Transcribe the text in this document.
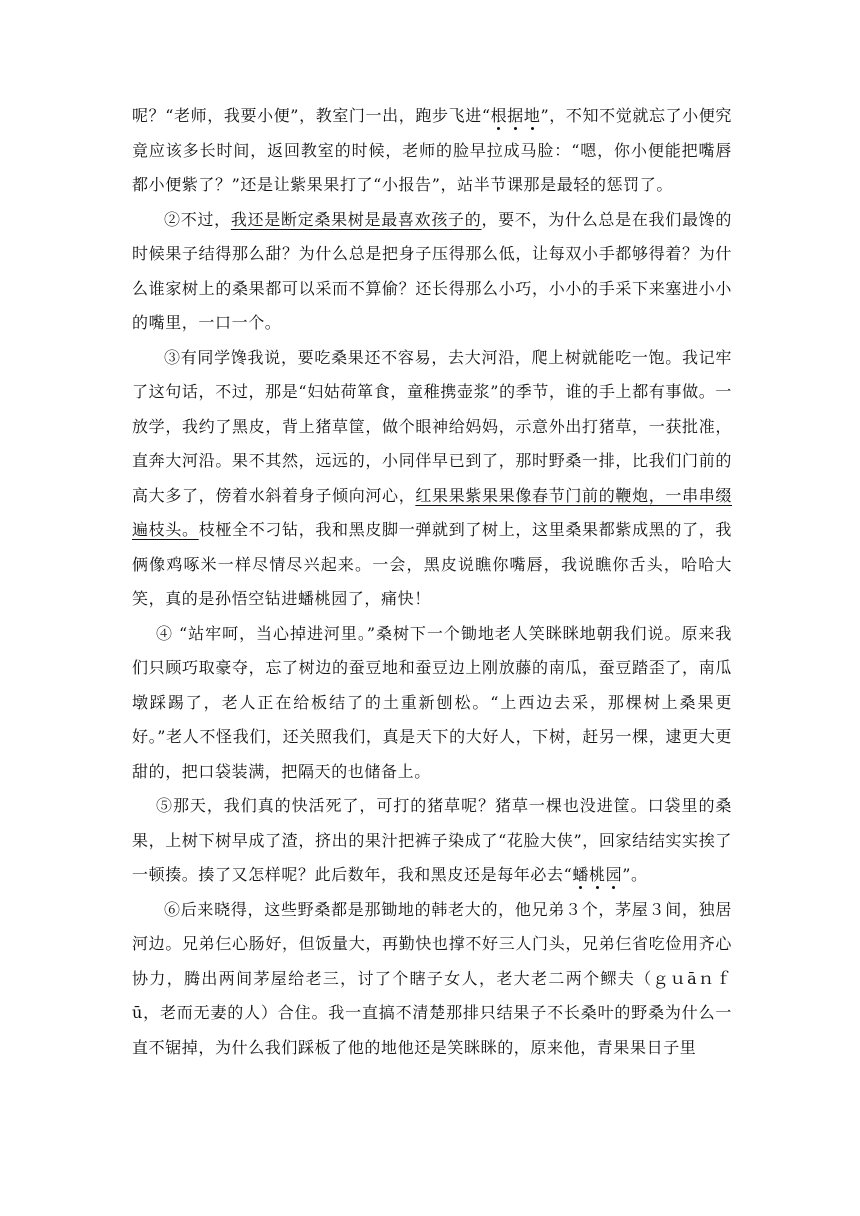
呢？“老师，我要小便”，教室门一出，跑步飞进“根据地”，不知不觉就忘了小便究竟应该多长时间，返回教室的时候，老师的脸早拉成马脸：“嗯，你小便能把嘴唇都小便紫了？”还是让紫果果打了“小报告”，站半节课那是最轻的惩罚了。

②不过，我还是断定桑果树是最喜欢孩子的，要不，为什么总是在我们最馋的时候果子结得那么甜？为什么总是把身子压得那么低，让每双小手都够得着？为什么谁家树上的桑果都可以采而不算偷？还长得那么小巧，小小的手采下来塞进小小的嘴里，一口一个。

③有同学馋我说，要吃桑果还不容易，去大河沿，爬上树就能吃一饱。我记牢了这句话，不过，那是“妇姑荷箪食，童稚携壶浆”的季节，谁的手上都有事做。一放学，我约了黑皮，背上猪草筐，做个眼神给妈妈，示意外出打猪草，一获批准，直奔大河沿。果不其然，远远的，小同伴早已到了，那时野桑一排，比我们门前的高大多了，傍着水斜着身子倾向河心，红果果紫果果像春节门前的鞭炮，一串串缀遍枝头。枝桠全不刁钻，我和黑皮脚一弹就到了树上，这里桑果都紫成黑的了，我俩像鸡啄米一样尽情尽兴起来。一会，黑皮说瞧你嘴唇，我说瞧你舌头，哈哈大笑，真的是孙悟空钻进蟠桃园了，痛快！

④ “站牢呵，当心掉进河里。”桑树下一个锄地老人笑眯眯地朝我们说。原来我们只顾巧取豪夺，忘了树边的蚕豆地和蚕豆边上刚放藤的南瓜，蚕豆踏歪了，南瓜墩踩踢了，老人正在给板结了的土重新刨松。“上西边去采，那棵树上桑果更好。”老人不怪我们，还关照我们，真是天下的大好人，下树，赶另一棵，逮更大更甜的，把口袋装满，把隔天的也储备上。

⑤那天，我们真的快活死了，可打的猪草呢？猪草一棵也没进筐。口袋里的桑果，上树下树早成了渣，挤出的果汁把裤子染成了“花脸大侠”，回家结结实实挨了一顿揍。揍了又怎样呢？此后数年，我和黑皮还是每年必去“蟠桃园”。

⑥后来晓得，这些野桑都是那锄地的韩老大的，他兄弟３个，茅屋３间，独居河边。兄弟仨心肠好，但饭量大，再勤快也撑不好三人门头，兄弟仨省吃俭用齐心协力，腾出两间茅屋给老三，讨了个瞎子女人，老大老二两个鳏夫（ｇｕāｎｆū，老而无妻的人）合住。我一直搞不清楚那排只结果子不长桑叶的野桑为什么一直不锯掉，为什么我们踩板了他的地他还是笑眯眯的，原来他，青果果日子里
